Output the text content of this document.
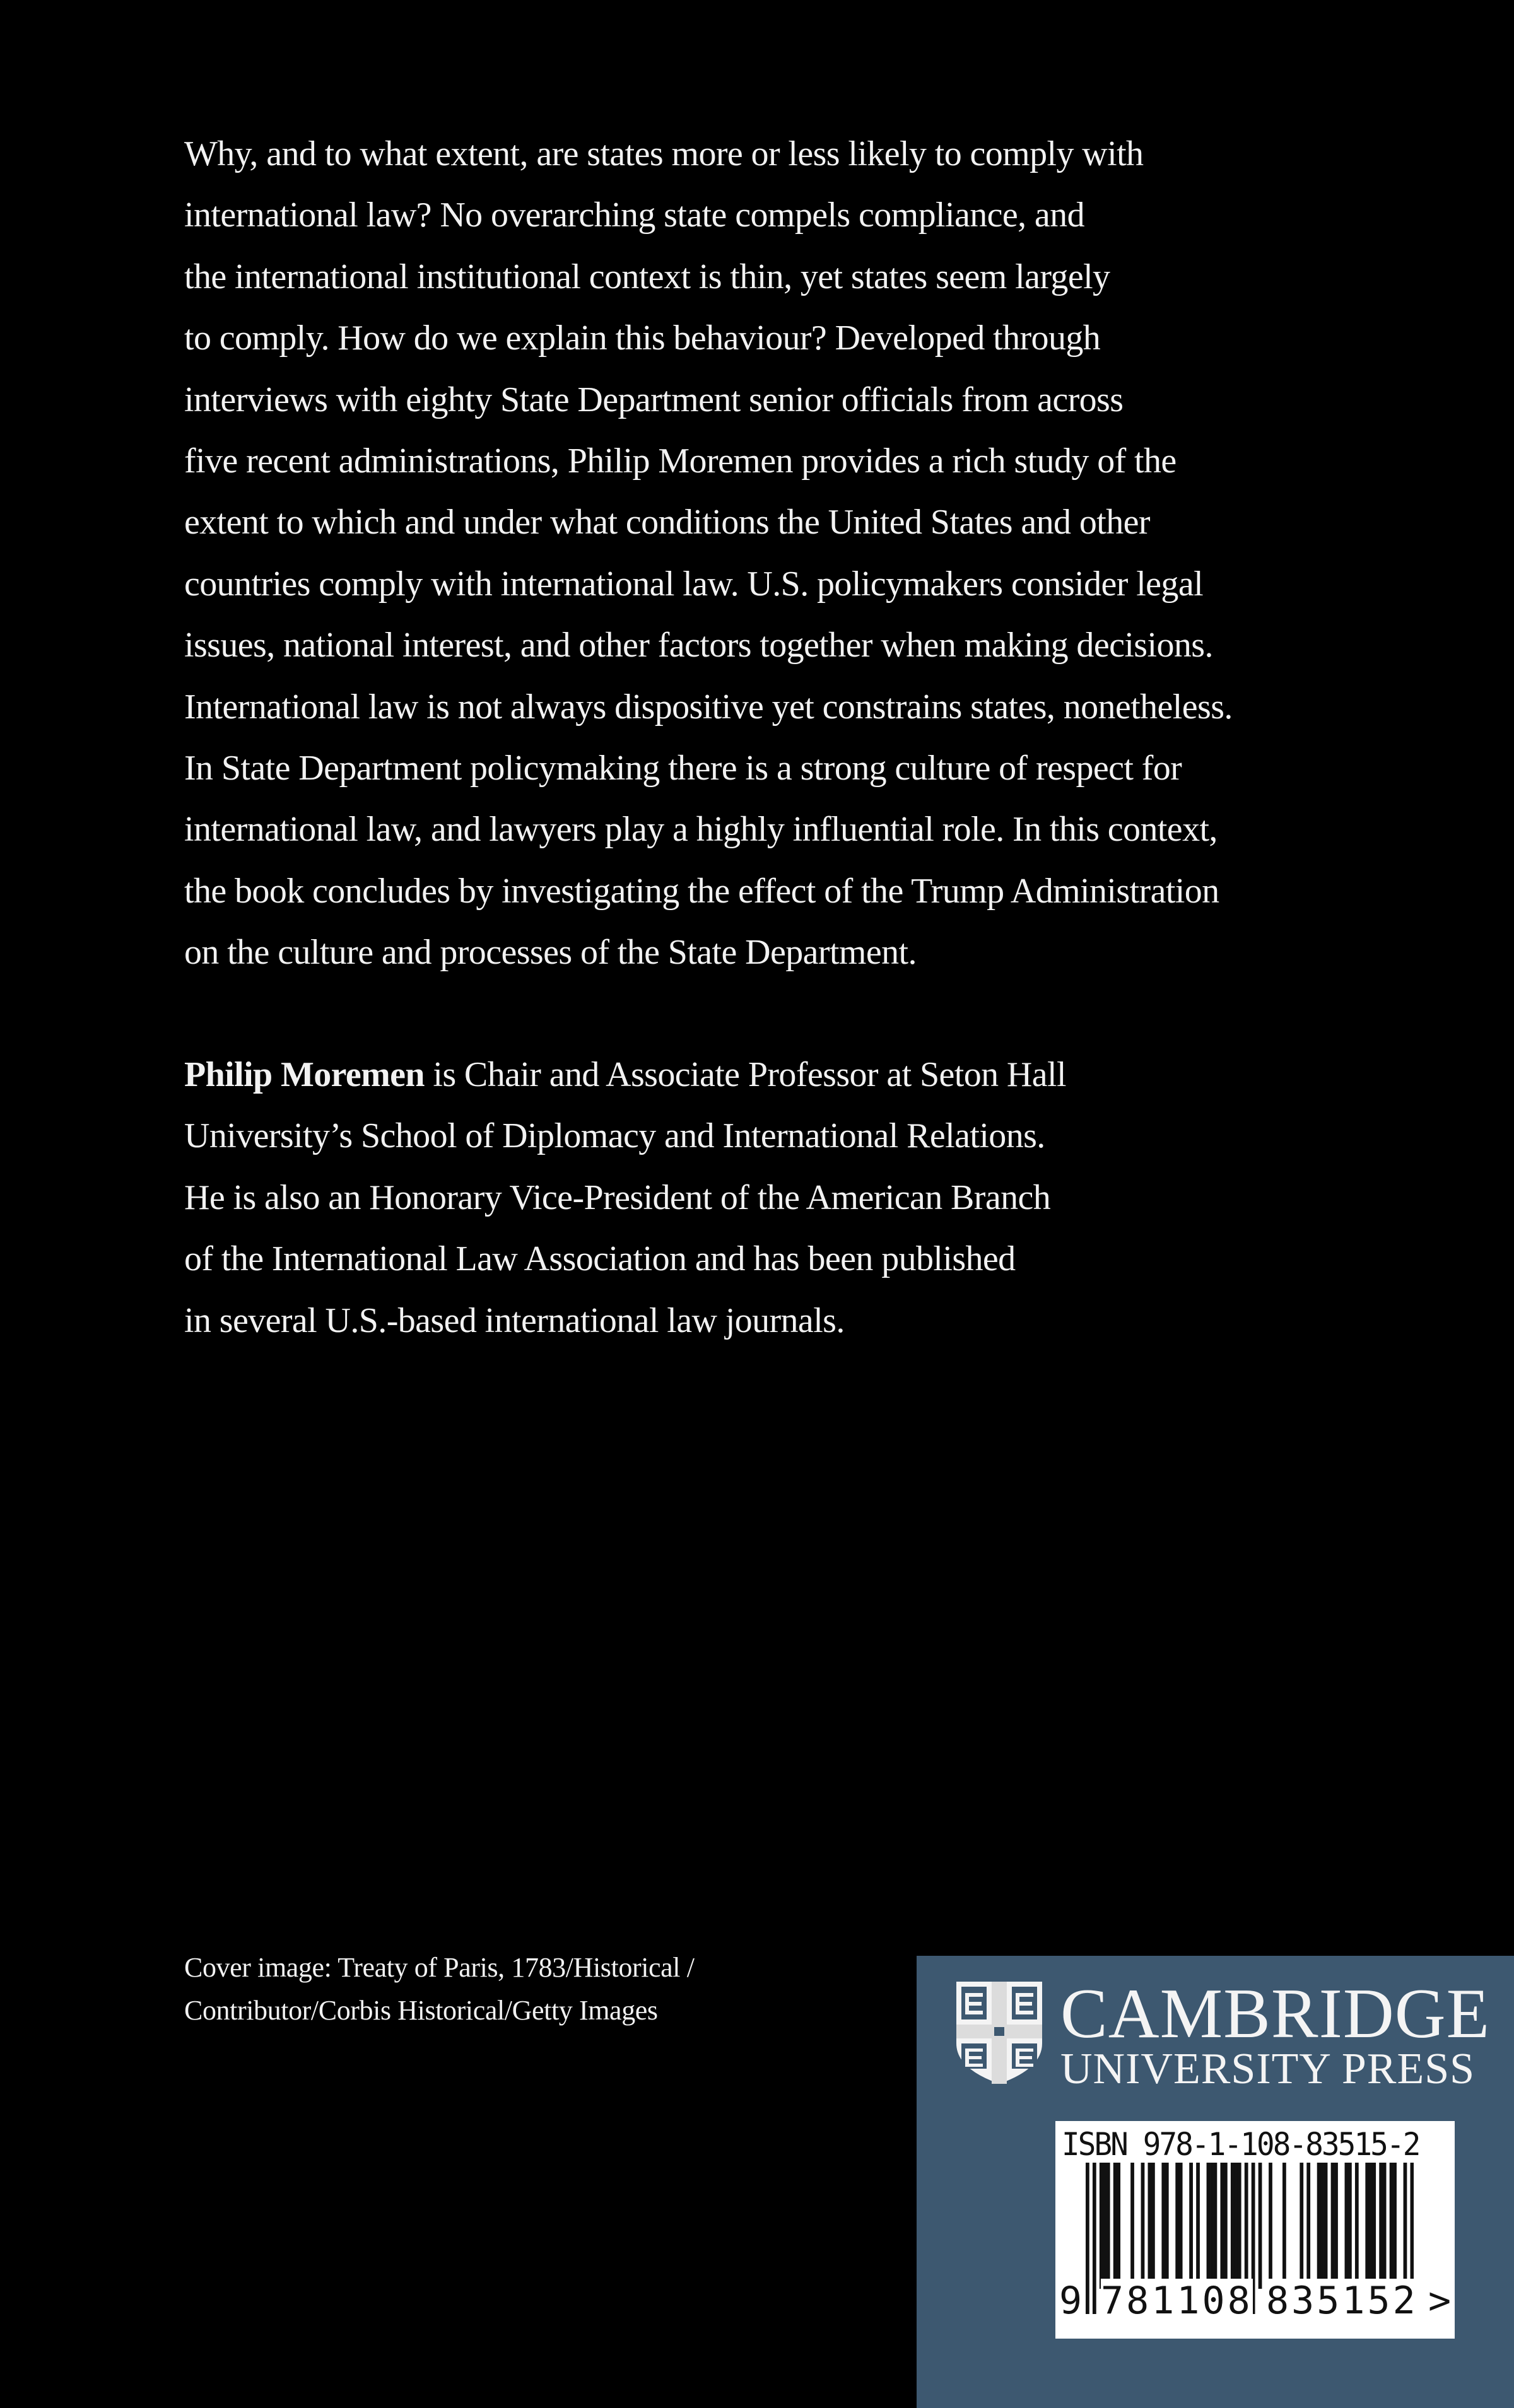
Why, and to what extent, are states more or less likely to comply with
international law? No overarching state compels compliance, and
the international institutional context is thin, yet states seem largely
to comply. How do we explain this behaviour? Developed through
interviews with eighty State Department senior officials from across
five recent administrations, Philip Moremen provides a rich study of the
extent to which and under what conditions the United States and other
countries comply with international law. U.S. policymakers consider legal
issues, national interest, and other factors together when making decisions.
International law is not always dispositive yet constrains states, nonetheless.
In State Department policymaking there is a strong culture of respect for
international law, and lawyers play a highly influential role. In this context,
the book concludes by investigating the effect of the Trump Administration
on the culture and processes of the State Department.
Philip Moremen is Chair and Associate Professor at Seton Hall
University’s School of Diplomacy and International Relations.
He is also an Honorary Vice-President of the American Branch
of the International Law Association and has been published
in several U.S.-based international law journals.
Cover image: Treaty of Paris, 1783/Historical /
Contributor/Corbis Historical/Getty Images	CAMBRIDGE
UNIVERSITY PRESS
ISBN 978-1-108-83515-2
9 781108 835152 >
